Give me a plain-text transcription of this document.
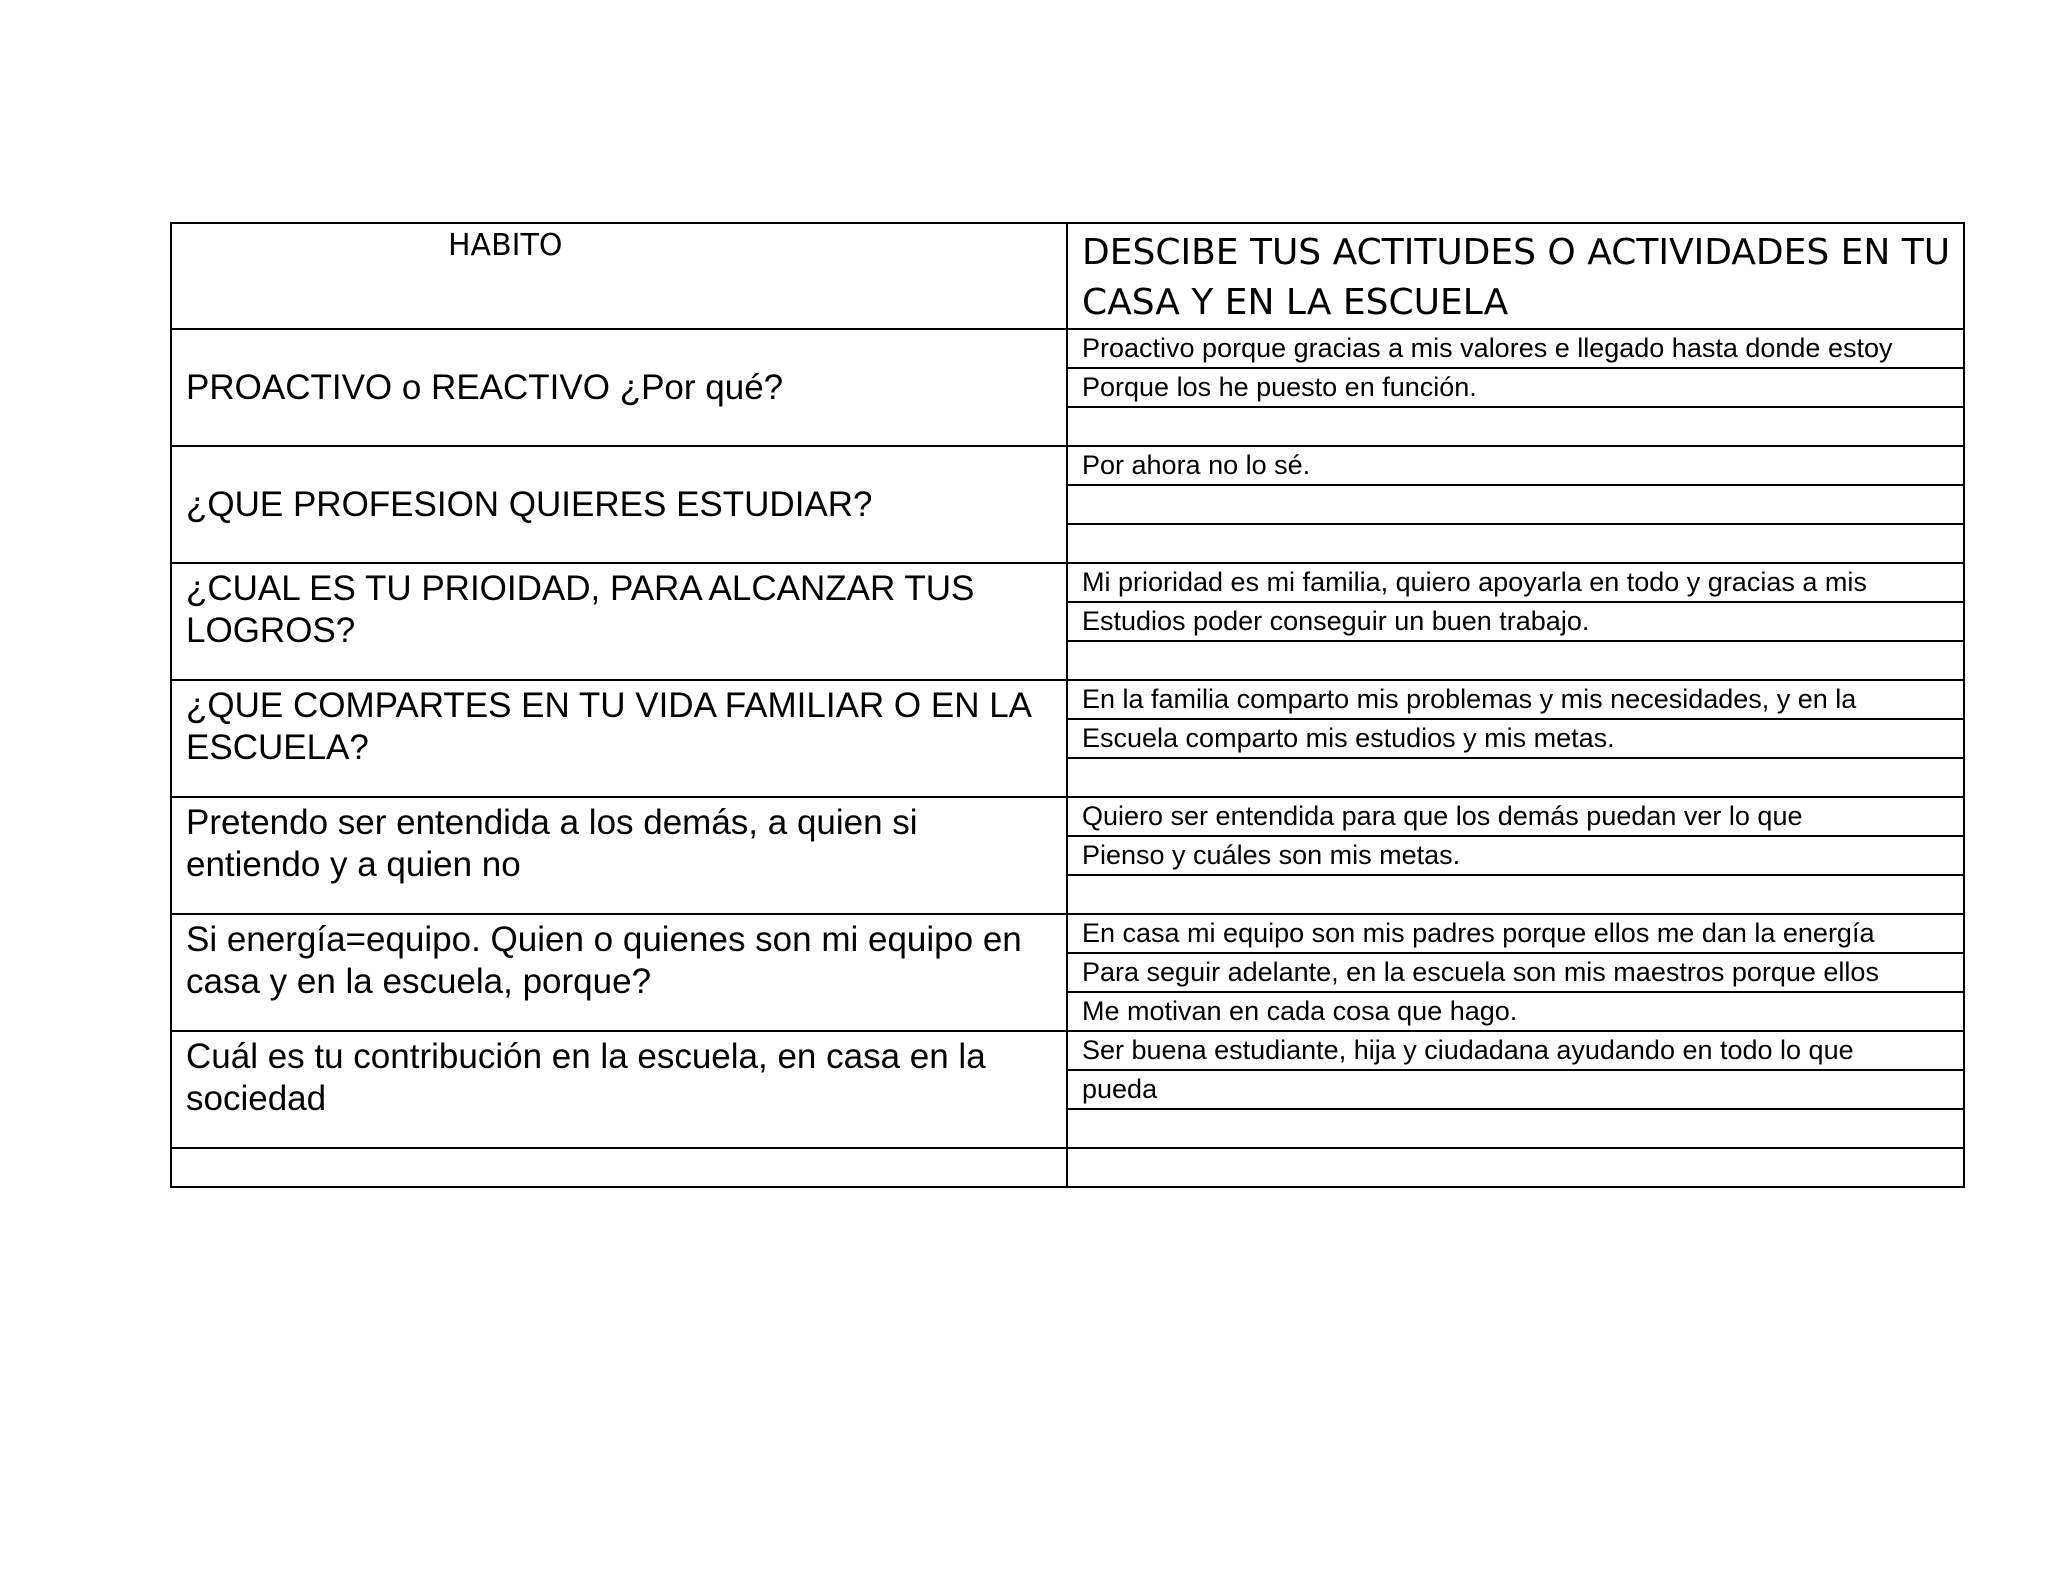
HABITO	DESCIBE TUS ACTITUDES O ACTIVIDADES EN TU CASA Y EN LA ESCUELA
PROACTIVO o REACTIVO ¿Por qué?	Proactivo porque gracias a mis valores e llegado hasta donde estoy
	Porque los he puesto en función.

¿QUE PROFESION QUIERES ESTUDIAR?	Por ahora no lo sé.

¿CUAL ES TU PRIOIDAD, PARA ALCANZAR TUS LOGROS?	Mi prioridad es mi familia, quiero apoyarla en todo y gracias a mis
	Estudios poder conseguir un buen trabajo.

¿QUE COMPARTES EN TU VIDA FAMILIAR O EN LA ESCUELA?	En la familia comparto mis problemas y mis necesidades, y en la
	Escuela comparto mis estudios y mis metas.

Pretendo ser entendida a los demás, a quien si entiendo y a quien no	Quiero ser entendida para que los demás puedan ver lo que
	Pienso y cuáles son mis metas.

Si energía=equipo. Quien o quienes son mi equipo en casa y en la escuela, porque?	En casa mi equipo son mis padres porque ellos me dan la energía
	Para seguir adelante, en la escuela son mis maestros porque ellos
	Me motivan en cada cosa que hago.
Cuál es tu contribución en la escuela, en casa en la sociedad	Ser buena estudiante, hija y ciudadana ayudando en todo lo que
	pueda
